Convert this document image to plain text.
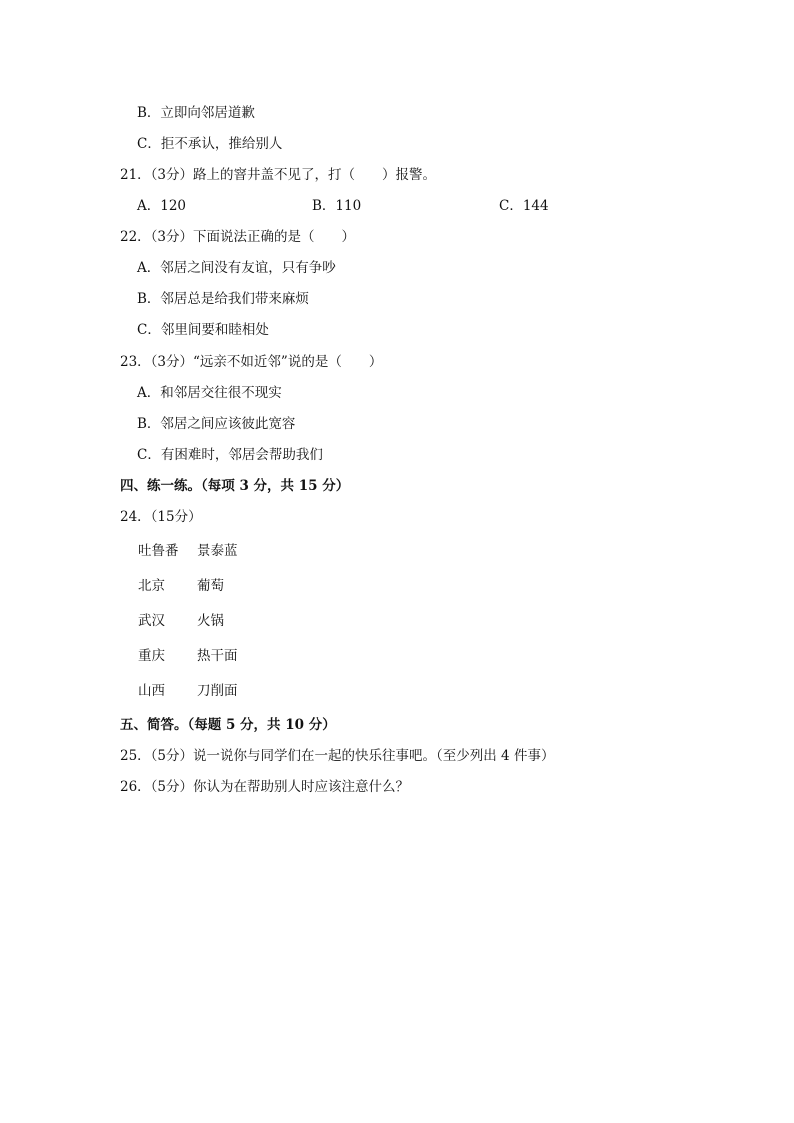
B．立即向邻居道歉
C．拒不承认，推给别人
21．（3分）路上的窨井盖不见了，打（　　）报警。
A．120	B．110	C．144
22．（3分）下面说法正确的是（　　）
A．邻居之间没有友谊，只有争吵
B．邻居总是给我们带来麻烦
C．邻里间要和睦相处
23．（3分）“远亲不如近邻”说的是（　　）
A．和邻居交往很不现实
B．邻居之间应该彼此宽容
C．有困难时，邻居会帮助我们
四、练一练。（每项 3 分，共 15 分）
24．（15分）
吐鲁番 景泰蓝
北京 葡萄
武汉 火锅
重庆 热干面
山西 刀削面
五、简答。（每题 5 分，共 10 分）
25．（5分）说一说你与同学们在一起的快乐往事吧。（至少列出 4 件事）
26．（5分）你认为在帮助别人时应该注意什么？
